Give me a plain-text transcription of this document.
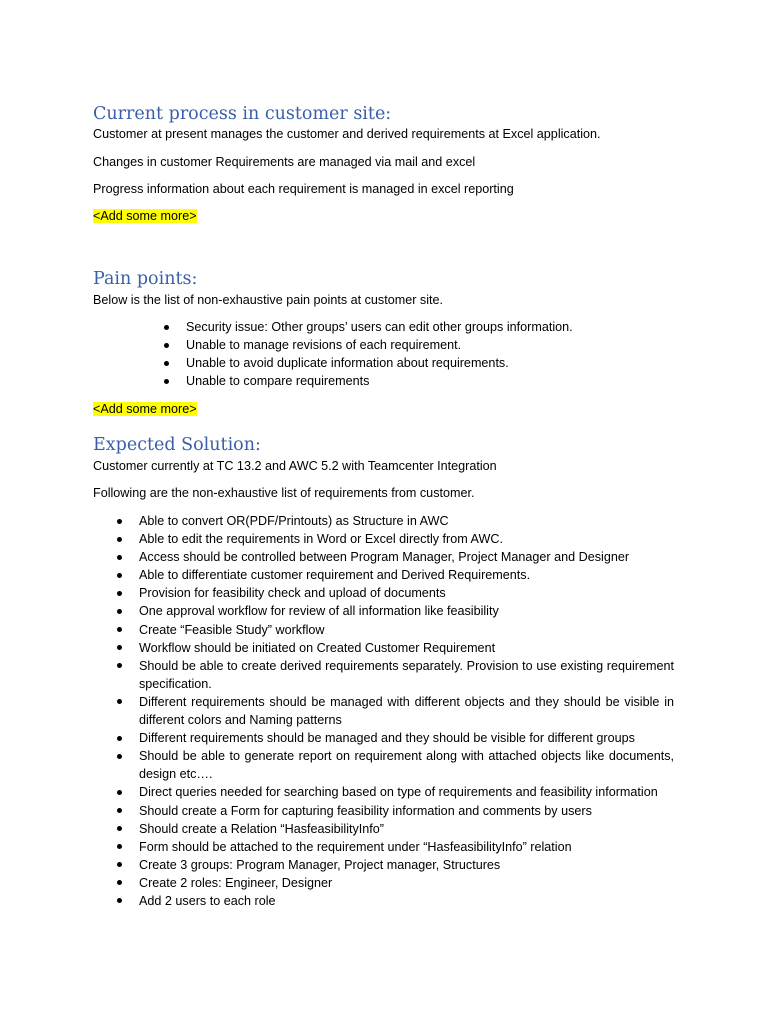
Current process in customer site:

Customer at present manages the customer and derived requirements at Excel application.

Changes in customer Requirements are managed via mail and excel

Progress information about each requirement is managed in excel reporting

<Add some more>

Pain points:

Below is the list of non-exhaustive pain points at customer site.

Security issue: Other groups’ users can edit other groups information.
Unable to manage revisions of each requirement.
Unable to avoid duplicate information about requirements.
Unable to compare requirements

<Add some more>

Expected Solution:

Customer currently at TC 13.2 and AWC 5.2 with Teamcenter Integration

Following are the non-exhaustive list of requirements from customer.

Able to convert OR(PDF/Printouts) as Structure in AWC
Able to edit the requirements in Word or Excel directly from AWC.
Access should be controlled between Program Manager, Project Manager and Designer
Able to differentiate customer requirement and Derived Requirements.
Provision for feasibility check and upload of documents
One approval workflow for review of all information like feasibility
Create “Feasible Study” workflow
Workflow should be initiated on Created Customer Requirement
Should be able to create derived requirements separately. Provision to use existing requirement specification.
Different requirements should be managed with different objects and they should be visible in different colors and Naming patterns
Different requirements should be managed and they should be visible for different groups
Should be able to generate report on requirement along with attached objects like documents, design etc….
Direct queries needed for searching based on type of requirements and feasibility information
Should create a Form for capturing feasibility information and comments by users
Should create a Relation “HasfeasibilityInfo”
Form should be attached to the requirement under “HasfeasibilityInfo” relation
Create 3 groups: Program Manager, Project manager, Structures
Create 2 roles: Engineer, Designer
Add 2 users to each role
